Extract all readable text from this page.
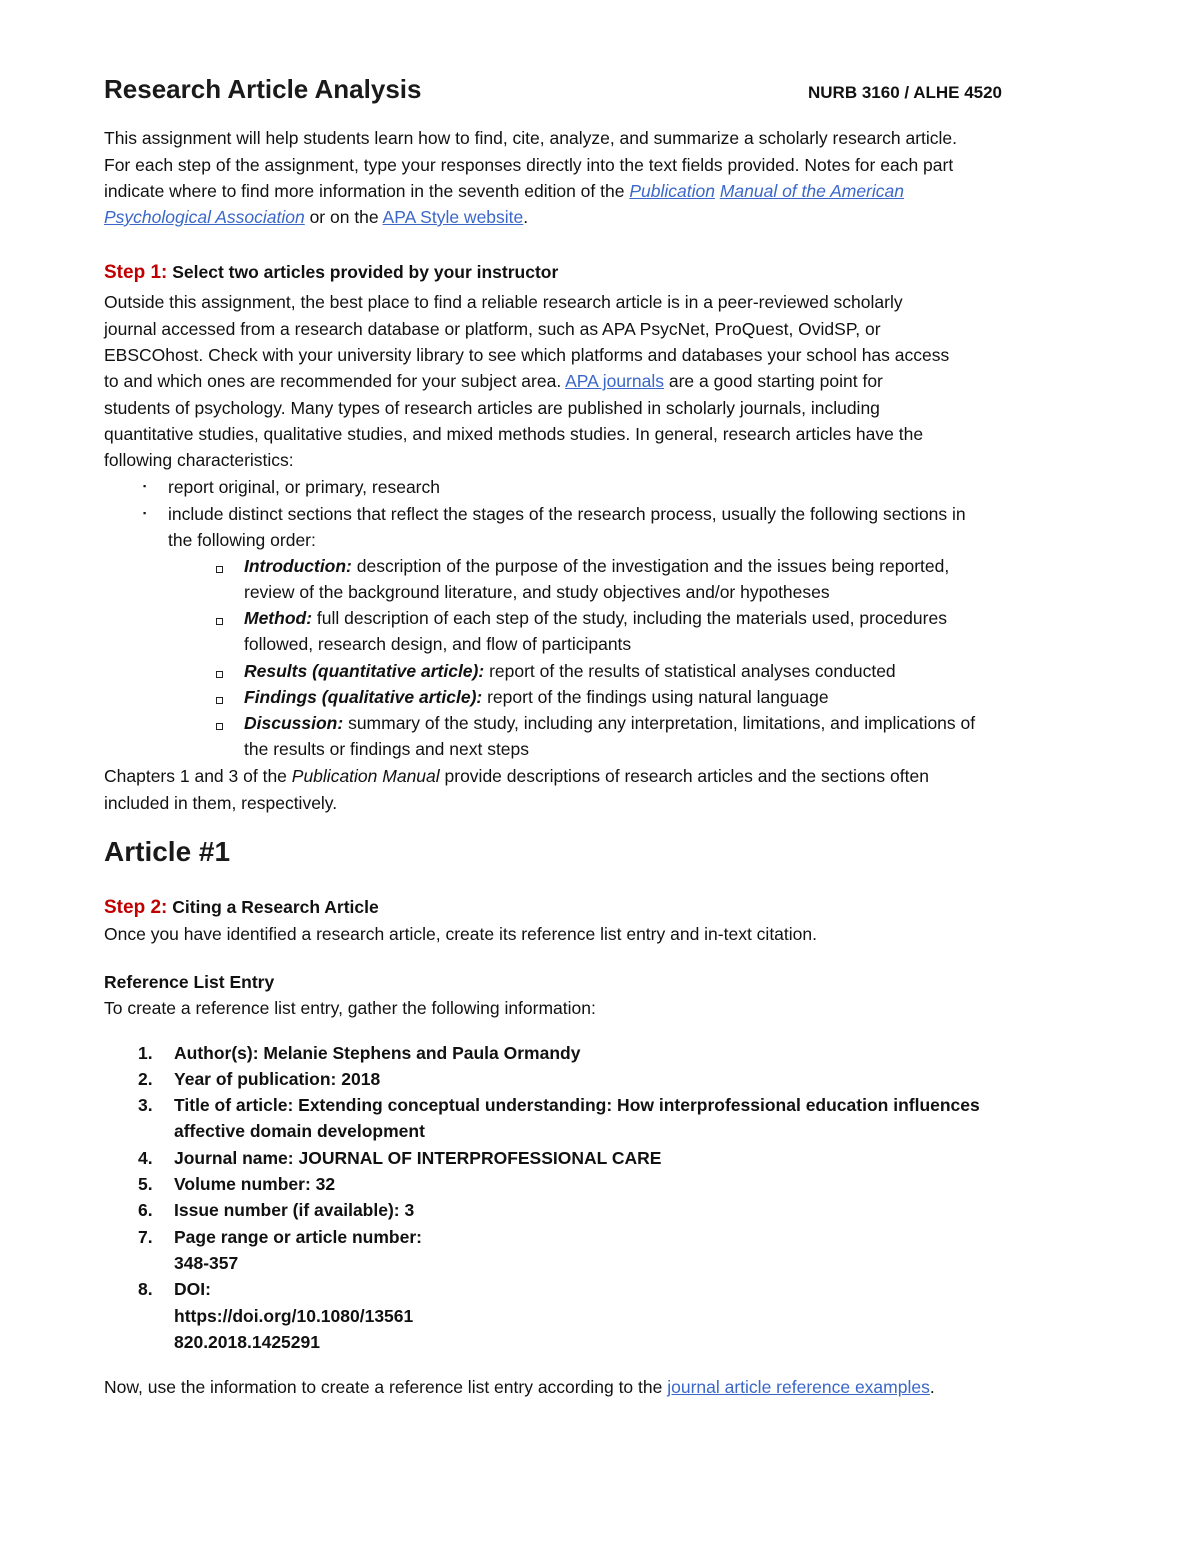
Research Article Analysis	NURB 3160 / ALHE 4520
This assignment will help students learn how to find, cite, analyze, and summarize a scholarly research article.
For each step of the assignment, type your responses directly into the text fields provided. Notes for each part
indicate where to find more information in the seventh edition of the Publication Manual of the American
Psychological Association or on the APA Style website.
Step 1: Select two articles provided by your instructor
Outside this assignment, the best place to find a reliable research article is in a peer-reviewed scholarly
journal accessed from a research database or platform, such as APA PsycNet, ProQuest, OvidSP, or
EBSCOhost. Check with your university library to see which platforms and databases your school has access
to and which ones are recommended for your subject area. APA journals are a good starting point for
students of psychology. Many types of research articles are published in scholarly journals, including
quantitative studies, qualitative studies, and mixed methods studies. In general, research articles have the
following characteristics:
▪ report original, or primary, research
▪ include distinct sections that reflect the stages of the research process, usually the following sections in
the following order:
Introduction: description of the purpose of the investigation and the issues being reported,
review of the background literature, and study objectives and/or hypotheses
Method: full description of each step of the study, including the materials used, procedures
followed, research design, and flow of participants
Results (quantitative article): report of the results of statistical analyses conducted
Findings (qualitative article): report of the findings using natural language
Discussion: summary of the study, including any interpretation, limitations, and implications of
the results or findings and next steps
Chapters 1 and 3 of the Publication Manual provide descriptions of research articles and the sections often
included in them, respectively.
Article #1
Step 2: Citing a Research Article
Once you have identified a research article, create its reference list entry and in-text citation.
Reference List Entry
To create a reference list entry, gather the following information:
1. Author(s): Melanie Stephens and Paula Ormandy
2. Year of publication: 2018
3. Title of article: Extending conceptual understanding: How interprofessional education influences
affective domain development
4. Journal name: JOURNAL OF INTERPROFESSIONAL CARE
5. Volume number: 32
6. Issue number (if available): 3
7. Page range or article number:
348-357
8. DOI:
https://doi.org/10.1080/13561
820.2018.1425291
Now, use the information to create a reference list entry according to the journal article reference examples.
